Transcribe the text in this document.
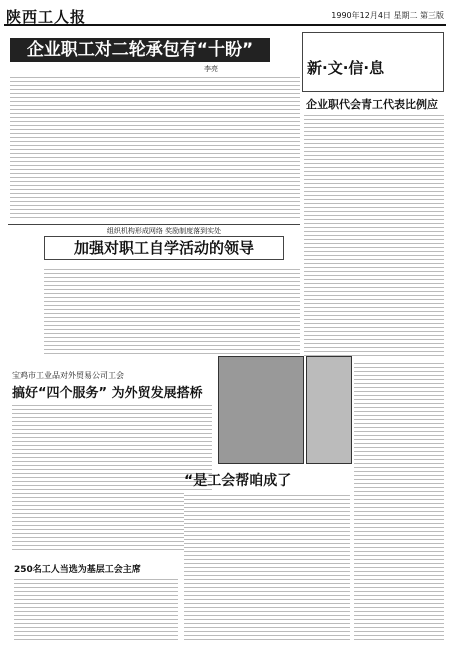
陕西工人报	1990年12月4日 星期二 第三版
企业职工对二轮承包有“十盼”
李亮	新·文·信·息
企业职代会青工代表比例应
组织机构形成网络 奖励制度落到实处
加强对职工自学活动的领导
宝鸡市工业品对外贸易公司工会
搞好“四个服务” 为外贸发展搭桥
“是工会帮咱成了
250名工人当选为基层工会主席
